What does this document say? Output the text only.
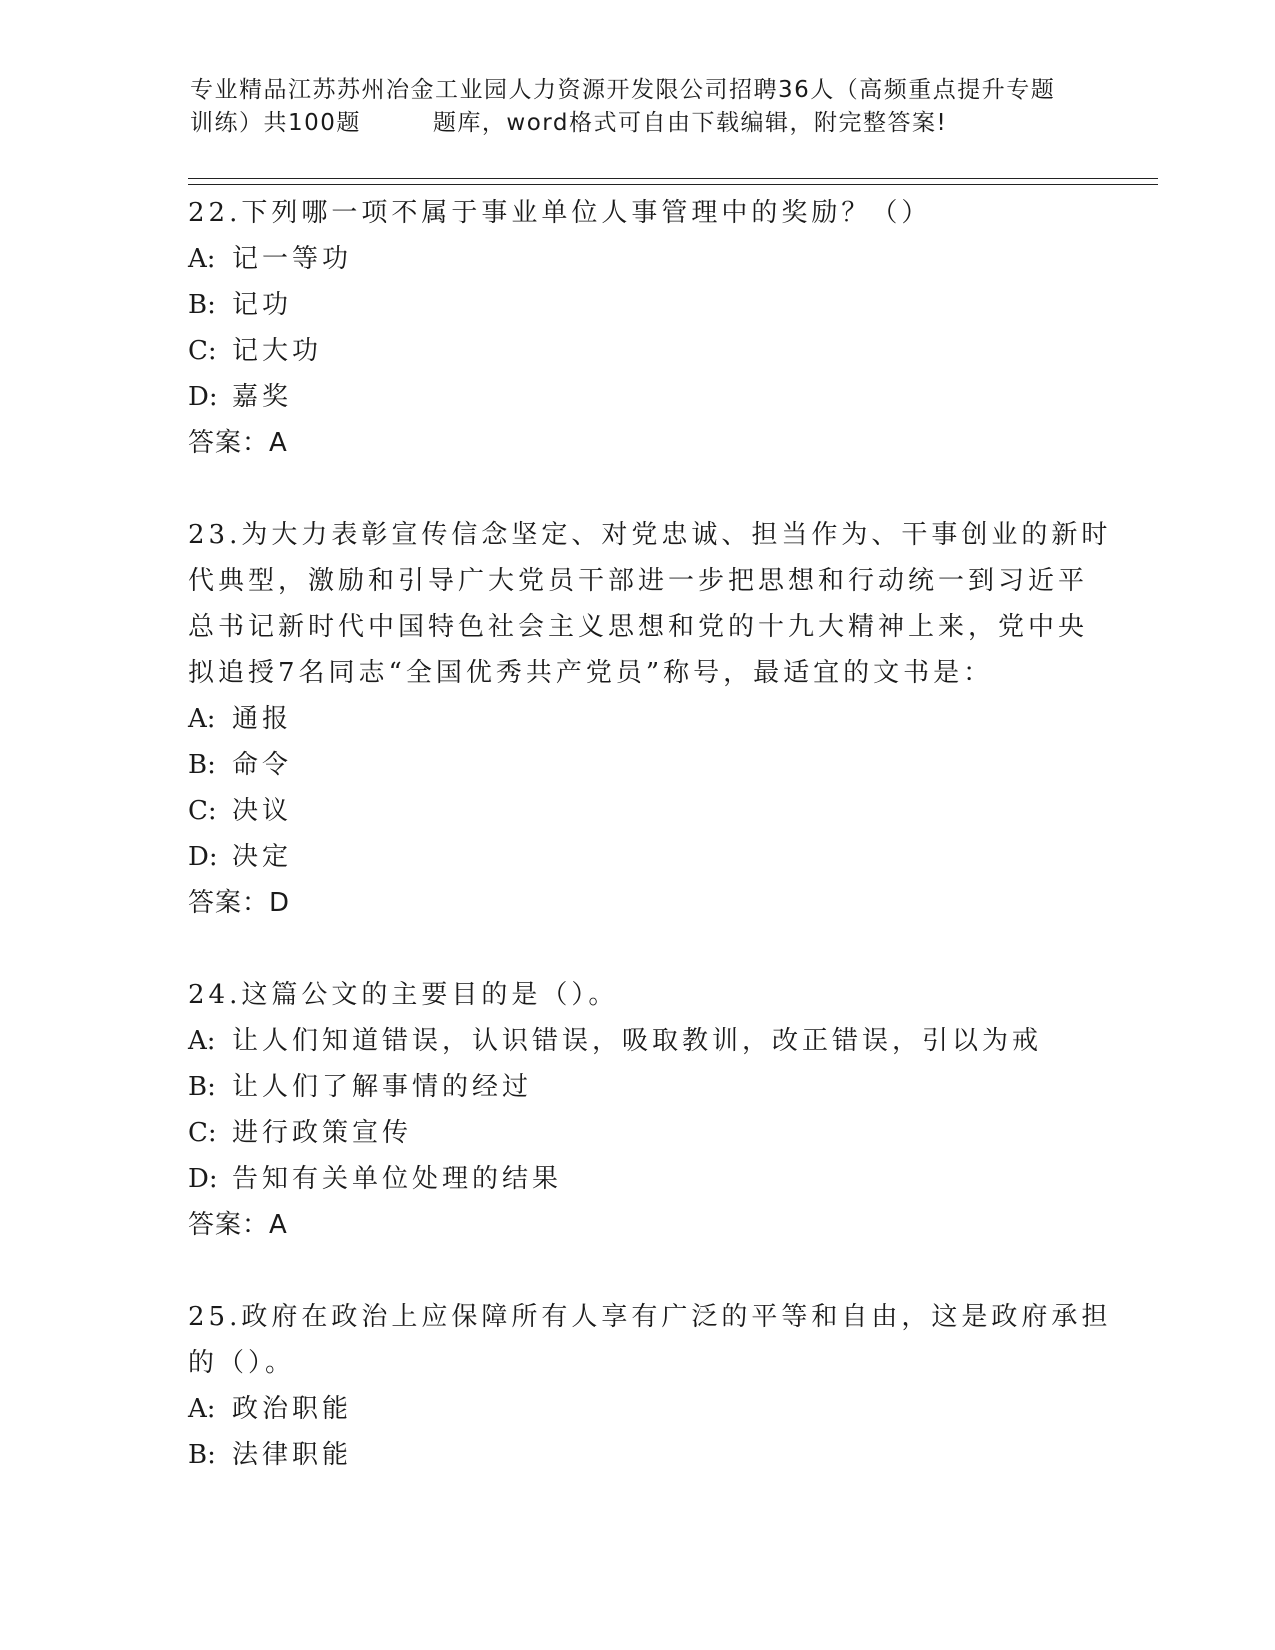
专业精品江苏苏州冶金工业园人力资源开发限公司招聘36人（高频重点提升专题
训练）共100题	题库，word格式可自由下载编辑，附完整答案!
22.下列哪一项不属于事业单位人事管理中的奖励？（）
A: 记一等功
B: 记功
C: 记大功
D: 嘉奖
答案：A
23.为大力表彰宣传信念坚定、对党忠诚、担当作为、干事创业的新时
代典型，激励和引导广大党员干部进一步把思想和行动统一到习近平
总书记新时代中国特色社会主义思想和党的十九大精神上来，党中央
拟追授7名同志“全国优秀共产党员”称号，最适宜的文书是：
A: 通报
B: 命令
C: 决议
D: 决定
答案：D
24.这篇公文的主要目的是（）。
A: 让人们知道错误，认识错误，吸取教训，改正错误，引以为戒
B: 让人们了解事情的经过
C: 进行政策宣传
D: 告知有关单位处理的结果
答案：A
25.政府在政治上应保障所有人享有广泛的平等和自由，这是政府承担
的（）。
A: 政治职能
B: 法律职能
